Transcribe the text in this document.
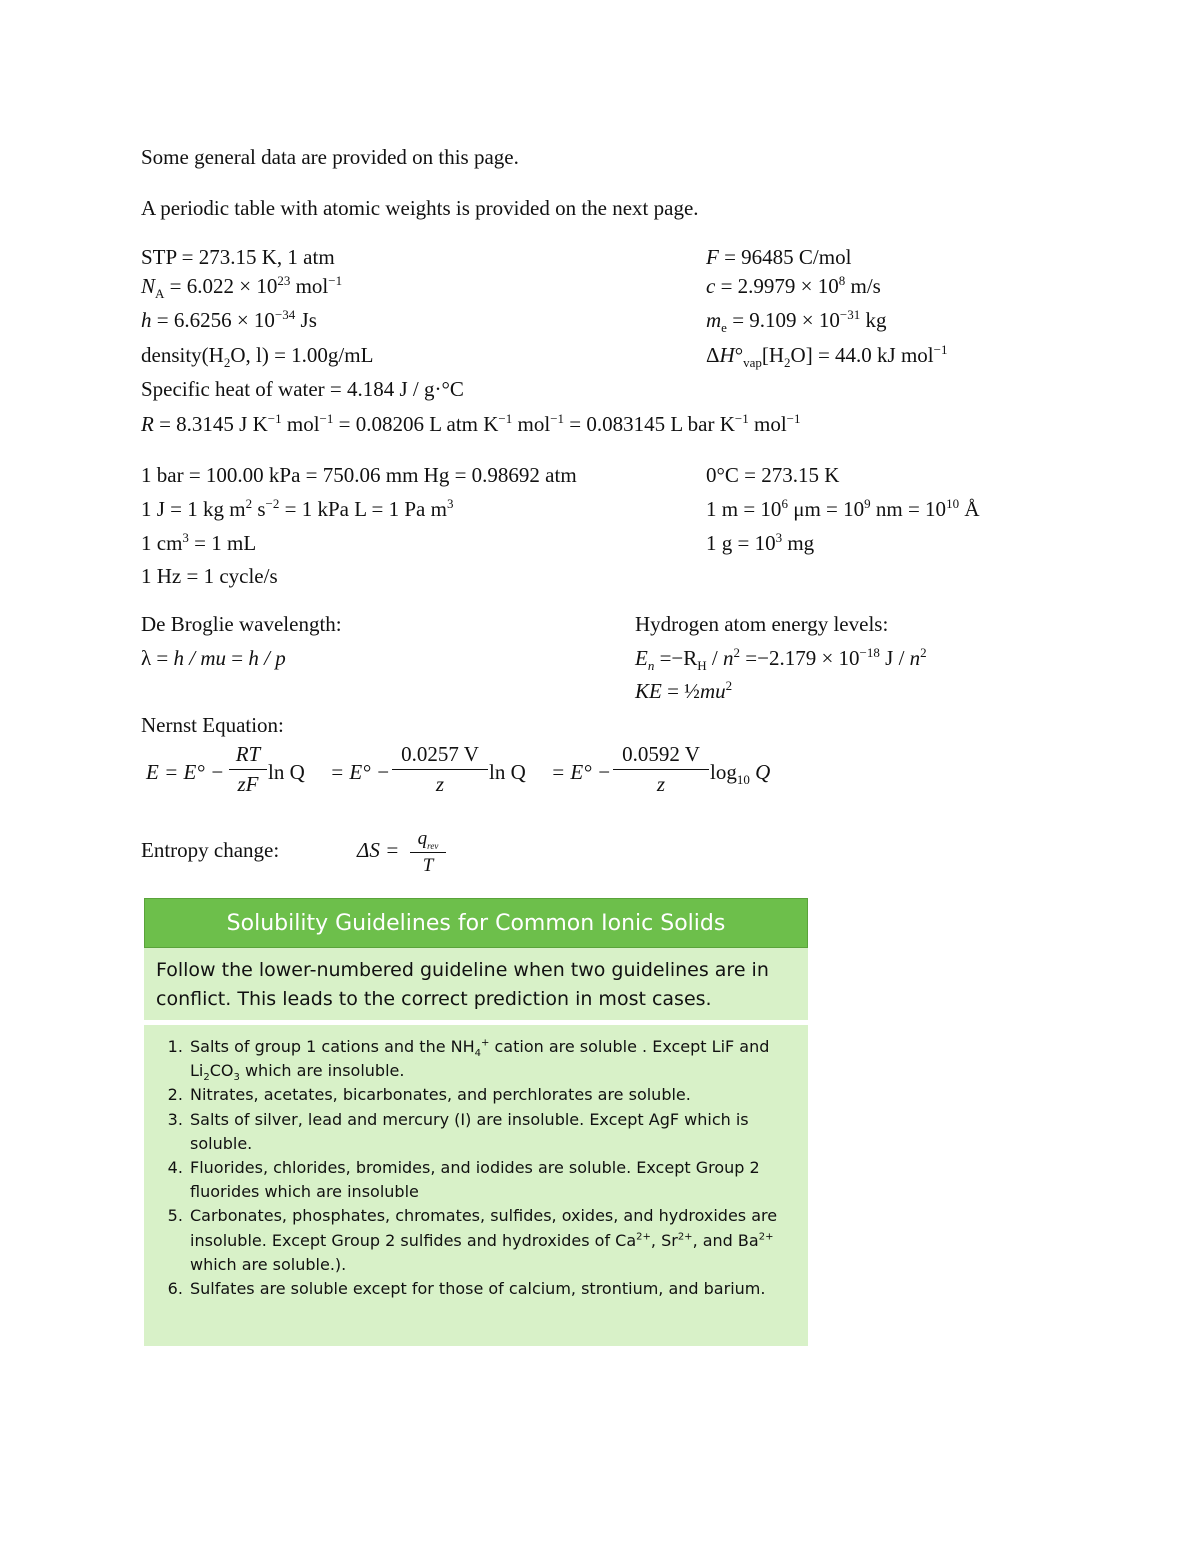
Some general data are provided on this page.
A periodic table with atomic weights is provided on the next page.
STP = 273.15 K, 1 atm
$N_A = 6.022 \times 10^{23}$ mol$^{-1}$
$h = 6.6256 \times 10^{-34}$ Js
$density(H_2O$, l) = 1.00g/mL
Specific heat of water = 4.184 J / g·°C
R = 8.3145 J $K^{-1}$ mol$^{-1}$ = 0.08206 L atm $K^{-1}$ mol$^{-1}$ = 0.083145 L bar $K^{-1}$ mol$^{-1}$
F = 96485 C/mol
$c = 2.9979 \times 10^8$ m/s
$m_e = 9.109 \times 10^{-31}$ kg
$\Delta H^\circ_{vap}[H_2O] = 44.0$ kJ mol$^{-1}$
1 bar = 100.00 kPa = 750.06 mm Hg = 0.98692 atm
1 J = 1 kg $m^2$ $s^{-2} = 1$ kPa L = 1 Pa $m^3$
1 $cm^3 = 1$ mL
1 Hz = 1 cycle/s
0°C = 273.15 K
1 $m = 10^6$ $\mu m = 10^9$ nm = $10^{10}$ Å
1 $g = 10^3$ mg
De Broglie wavelength:
λ = h / mu = h / p
Hydrogen atom energy levels:
$E_n =-R_H / n^2 =-2.179 \times 10^{-18}$ J / $n^2$
KE = $\frac{1}{2}mu^2$
Nernst Equation:
$E = E^\circ - \frac{RT}{zF}$ $\ln Q = E^\circ - \frac{0.0257 V}{z}$ $\ln Q = E^\circ - \frac{0.0592 V}{z} \log_{10} Q$
Entropy change:	$\Delta S = q_{rev}$
T
Solubility Guidelines for Common Ionic Solids
Follow the lower-numbered guideline when two guidelines are in conflict. This leads to the correct prediction in most cases.
1. Salts of group 1 cations and the $NH_4^+$ cation are soluble . Except LiF and $Li_2CO_3$ which are insoluble.
2. Nitrates, acetates, bicarbonates, and perchlorates are soluble.
3. Salts of silver, lead and mercury (I) are insoluble. Except AgF which is soluble.
4. Fluorides, chlorides, bromides, and iodides are soluble. Except Group 2 fluorides which are insoluble
5. Carbonates, phosphates, chromates, sulfides, oxides, and hydroxides are insoluble. Except Group 2 sulfides and hydroxides of $Ca^{2+}$, $Sr^{2+}$, and $Ba^{2+}$ which are soluble.).
6. Sulfates are soluble except for those of calcium, strontium, and barium.
